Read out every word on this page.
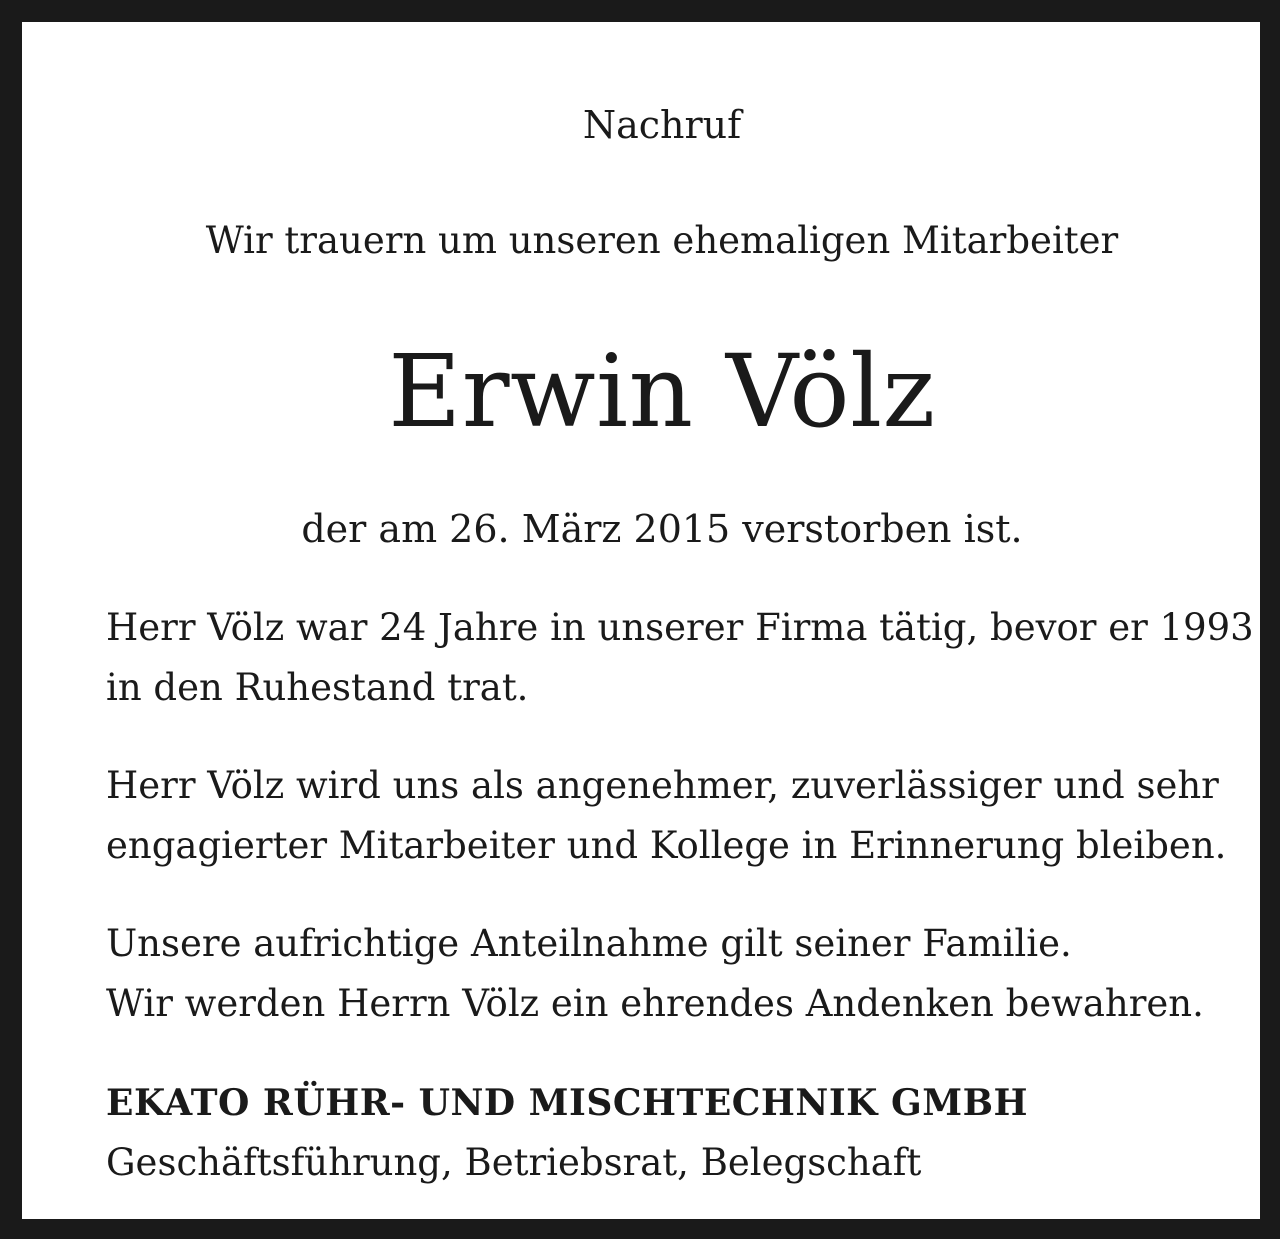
Nachruf

Wir trauern um unseren ehemaligen Mitarbeiter

Erwin Völz

der am 26. März 2015 verstorben ist.

Herr Völz war 24 Jahre in unserer Firma tätig, bevor er 1993

in den Ruhestand trat.

Herr Völz wird uns als angenehmer, zuverlässiger und sehr

engagierter Mitarbeiter und Kollege in Erinnerung bleiben.

Unsere aufrichtige Anteilnahme gilt seiner Familie.

Wir werden Herrn Völz ein ehrendes Andenken bewahren.

EKATO RÜHR- UND MISCHTECHNIK GMBH

Geschäftsführung, Betriebsrat, Belegschaft
